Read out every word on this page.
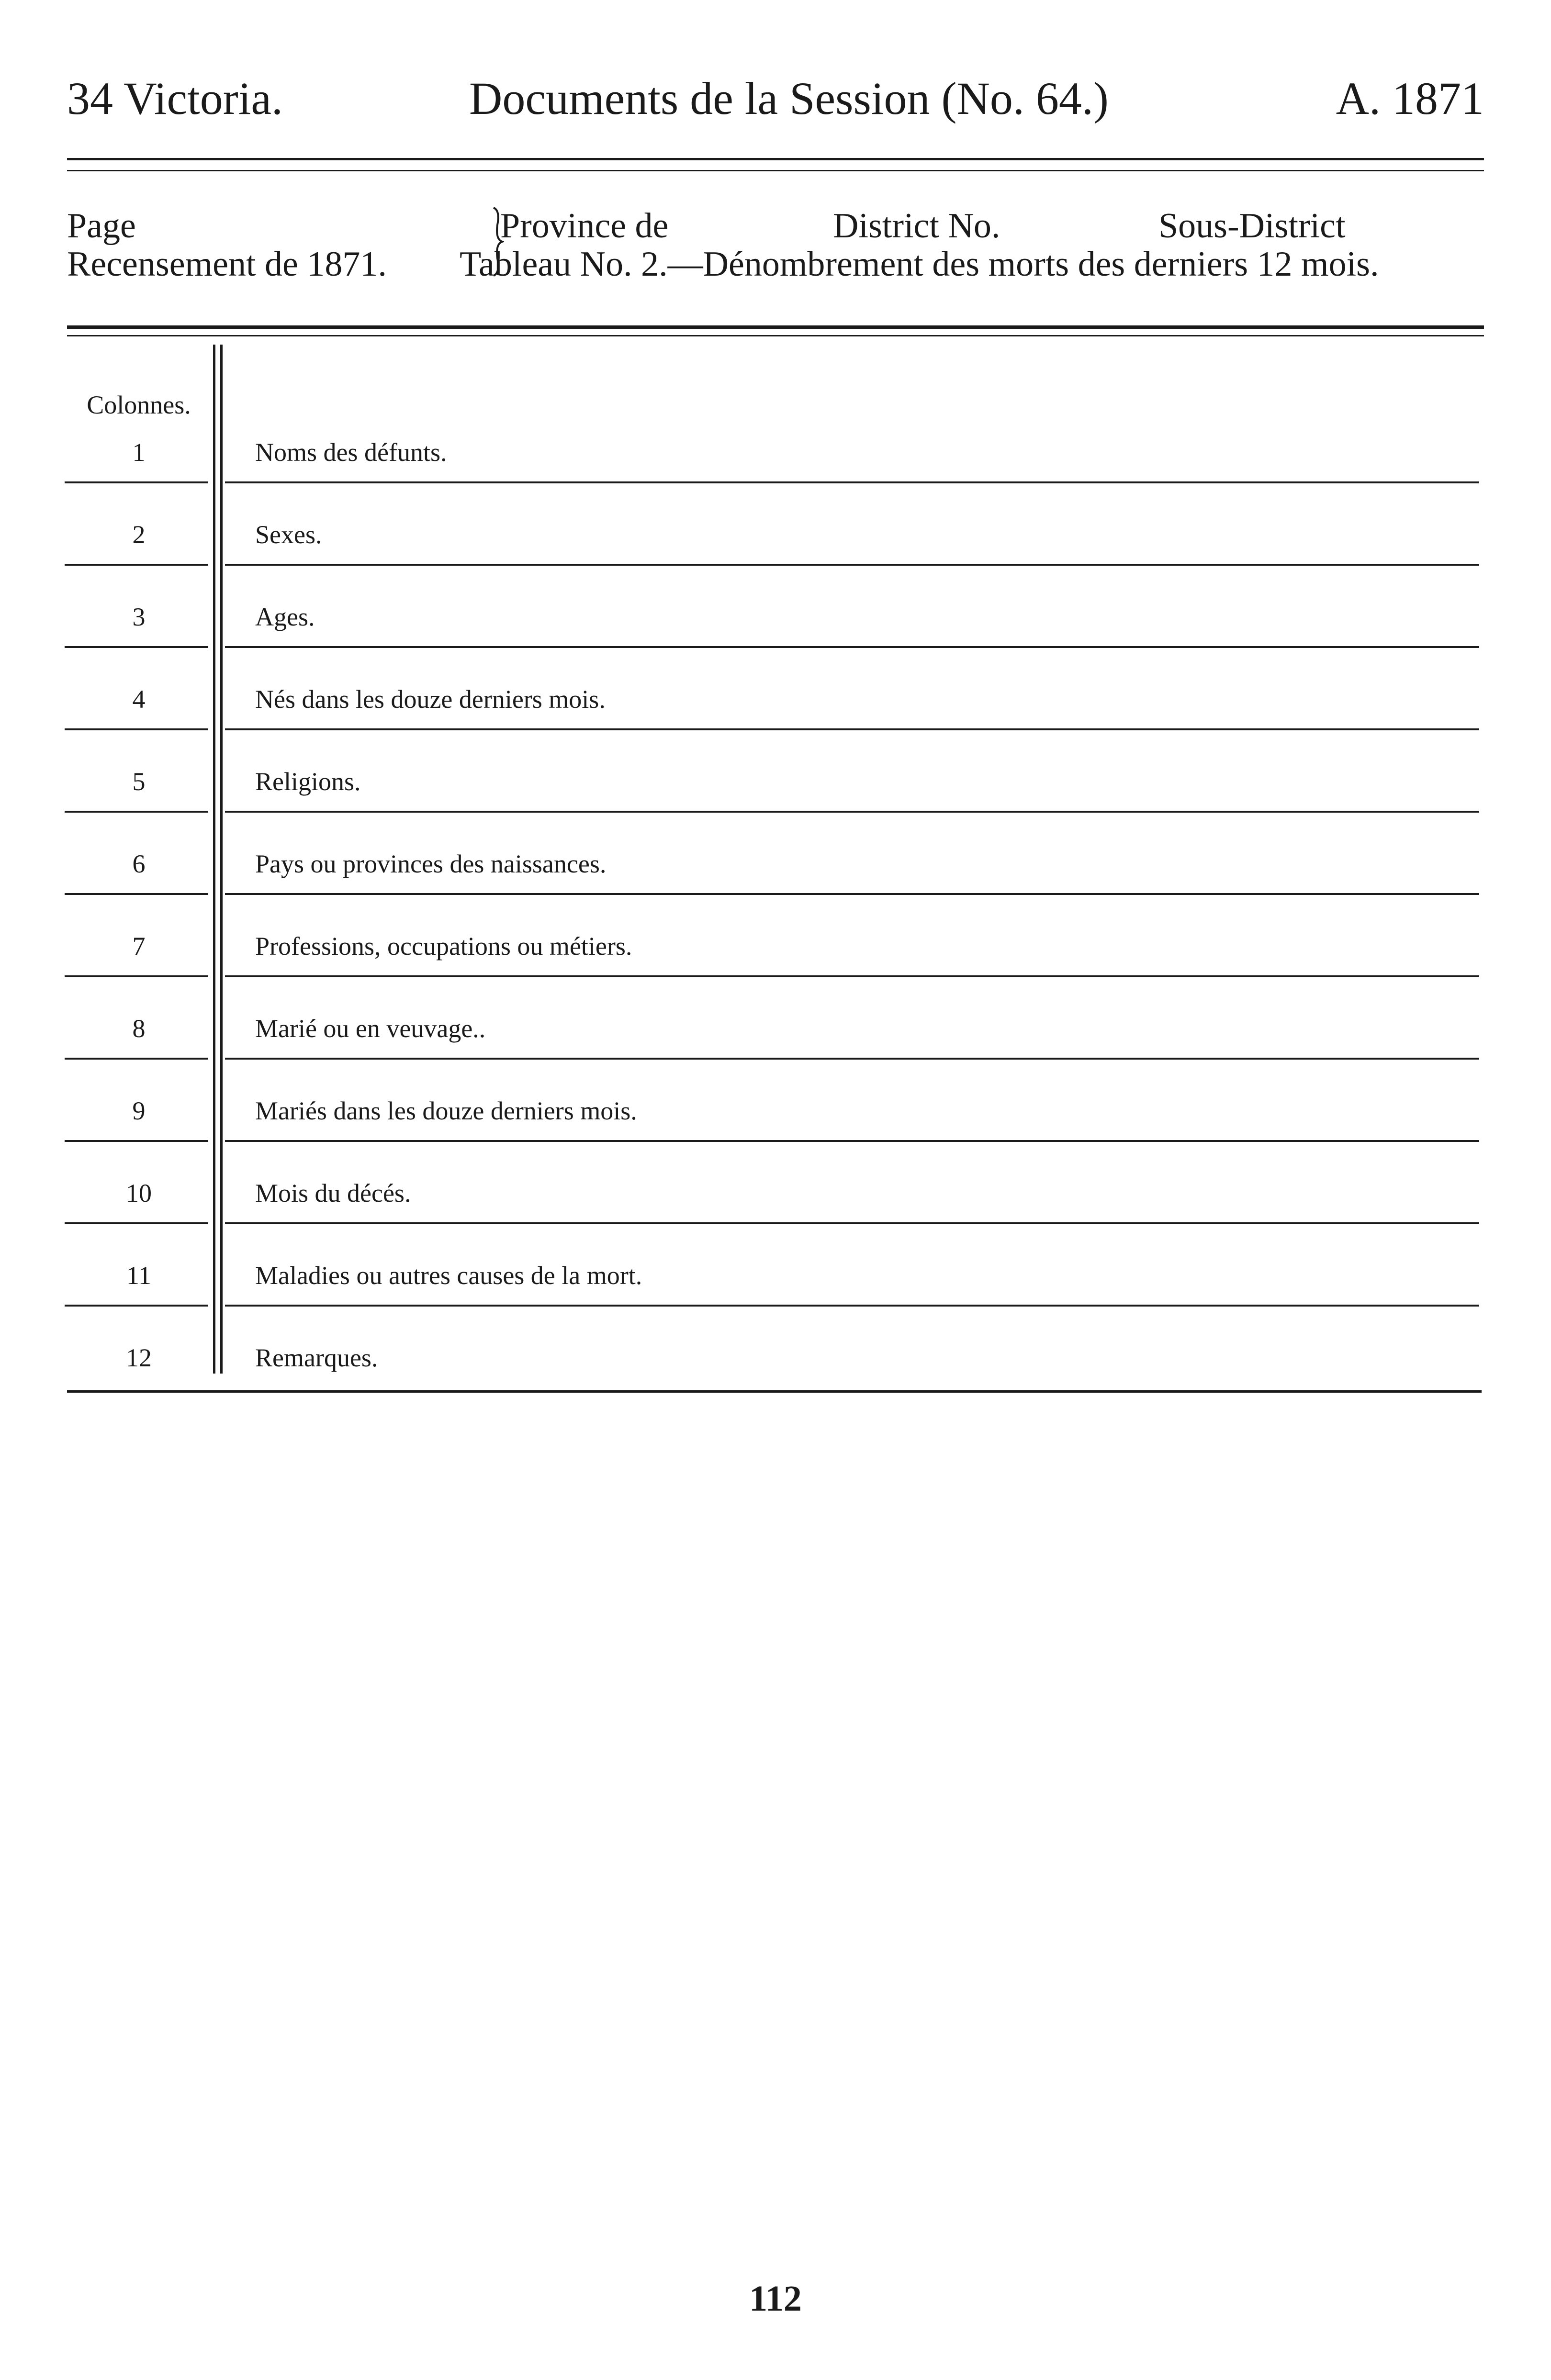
34 Victoria.	Documents de la Session (No. 64.)	A. 1871
Page
Recensement de 1871.
Province de	District No.	Sous-District
Tableau No. 2.—Dénombrement des morts des derniers 12 mois.
Colonnes.
1	Noms des défunts.
2	Sexes.
3	Ages.
4	Nés dans les douze derniers mois.
5	Religions.
6	Pays ou provinces des naissances.
7	Professions, occupations ou métiers.
8	Marié ou en veuvage..
9	Mariés dans les douze derniers mois.
10	Mois du décés.
11	Maladies ou autres causes de la mort.
12	Remarques.
112
